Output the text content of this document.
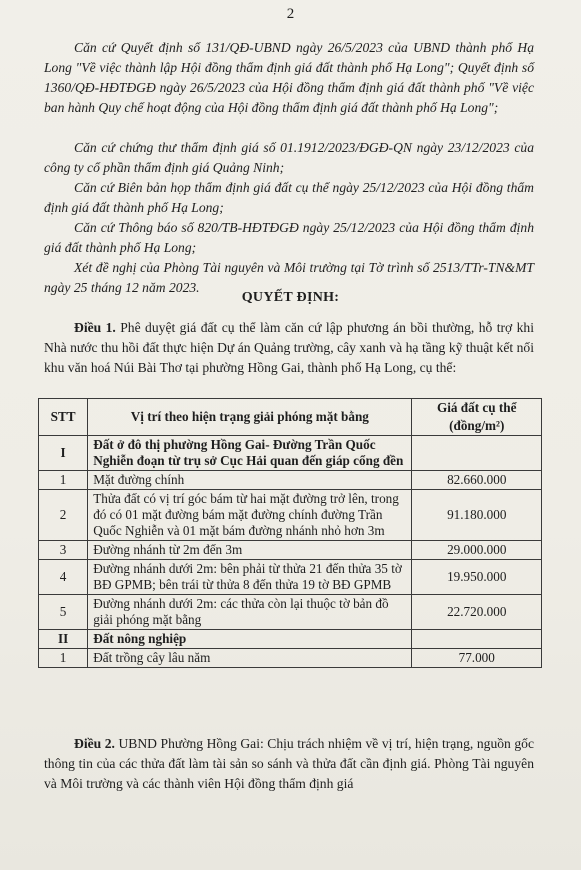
2
Căn cứ Quyết định số 131/QĐ-UBND ngày 26/5/2023 của UBND thành phố Hạ Long "Về việc thành lập Hội đồng thẩm định giá đất thành phố Hạ Long"; Quyết định số 1360/QĐ-HĐTĐGĐ ngày 26/5/2023 của Hội đồng thẩm định giá đất thành phố "Về việc ban hành Quy chế hoạt động của Hội đồng thẩm định giá đất thành phố Hạ Long";
Căn cứ chứng thư thẩm định giá số 01.1912/2023/ĐGĐ-QN ngày 23/12/2023 của công ty cổ phần thẩm định giá Quảng Ninh;
Căn cứ Biên bản họp thẩm định giá đất cụ thể ngày 25/12/2023 của Hội đồng thẩm định giá đất thành phố Hạ Long;
Căn cứ Thông báo số 820/TB-HĐTĐGĐ ngày 25/12/2023 của Hội đồng thẩm định giá đất thành phố Hạ Long;
Xét đề nghị của Phòng Tài nguyên và Môi trường tại Tờ trình số 2513/TTr-TN&MT ngày 25 tháng 12 năm 2023.
QUYẾT ĐỊNH:
Điều 1. Phê duyệt giá đất cụ thể làm căn cứ lập phương án bồi thường, hỗ trợ khi Nhà nước thu hồi đất thực hiện Dự án Quảng trường, cây xanh và hạ tầng kỹ thuật kết nối khu văn hoá Núi Bài Thơ tại phường Hồng Gai, thành phố Hạ Long, cụ thể:
STT	Vị trí theo hiện trạng giải phóng mặt bằng	Giá đất cụ thể
		(đồng/m²)
I	Đất ở đô thị phường Hồng Gai- Đường Trần Quốc Nghiễn đoạn từ trụ sở Cục Hải quan đến giáp cổng đền	
1	Mặt đường chính	82.660.000
2	Thửa đất có vị trí góc bám từ hai mặt đường trở lên, trong đó có 01 mặt đường bám mặt đường chính đường Trần Quốc Nghiễn và 01 mặt bám đường nhánh nhỏ hơn 3m	91.180.000
3	Đường nhánh từ 2m đến 3m	29.000.000
4	Đường nhánh dưới 2m: bên phải từ thửa 21 đến thửa 35 tờ BĐ GPMB; bên trái từ thửa 8 đến thửa 19 tờ BĐ GPMB	19.950.000
5	Đường nhánh dưới 2m: các thửa còn lại thuộc tờ bản đồ giải phóng mặt bằng	22.720.000
II	Đất nông nghiệp	
1	Đất trồng cây lâu năm	77.000
Điều 2. UBND Phường Hồng Gai: Chịu trách nhiệm về vị trí, hiện trạng, nguồn gốc thông tin của các thửa đất làm tài sản so sánh và thửa đất cần định giá. Phòng Tài nguyên và Môi trường và các thành viên Hội đồng thẩm định giá
